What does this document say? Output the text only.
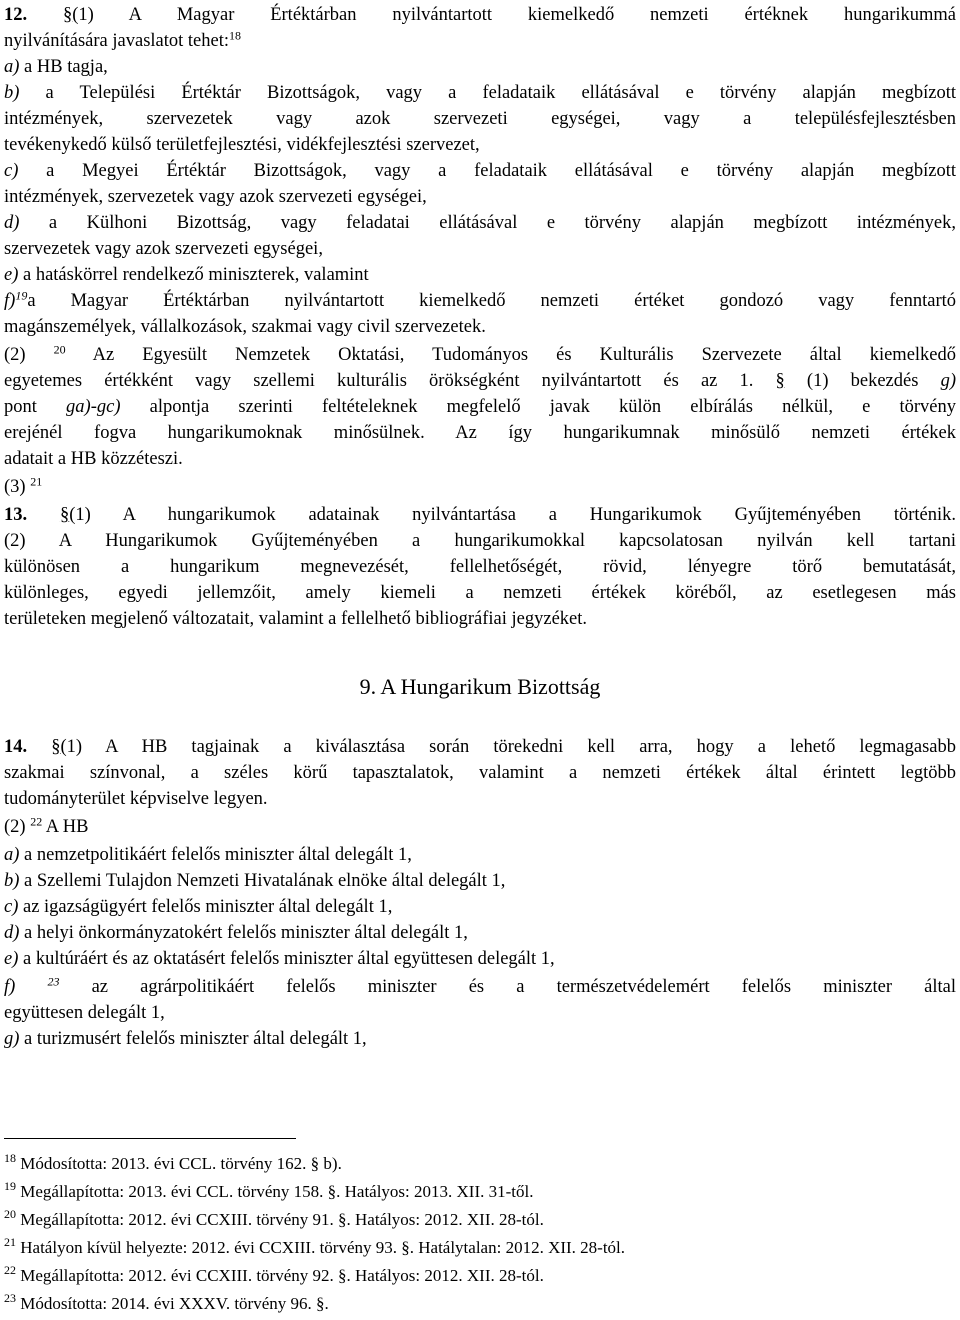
12. §(1) A Magyar Értéktárban nyilvántartott kiemelkedő nemzeti értéknek hungarikummá
nyilvánítására javaslatot tehet:$^{18}$
a) a HB tagja,
b) a Települési Értéktár Bizottságok, vagy a feladataik ellátásával e törvény alapján megbízott
intézmények, szervezetek vagy azok szervezeti egységei, vagy a településfejlesztésben
tevékenykedő külső területfejlesztési, vidékfejlesztési szervezet,
c) a Megyei Értéktár Bizottságok, vagy a feladataik ellátásával e törvény alapján megbízott
intézmények, szervezetek vagy azok szervezeti egységei,
d) a Külhoni Bizottság, vagy feladatai ellátásával e törvény alapján megbízott intézmények,
szervezetek vagy azok szervezeti egységei,
e) a hatáskörrel rendelkező miniszterek, valamint
f)$^{19}$a Magyar Értéktárban nyilvántartott kiemelkedő nemzeti értéket gondozó vagy fenntartó
magánszemélyek, vállalkozások, szakmai vagy civil szervezetek.
(2) $^{20}$ Az Egyesült Nemzetek Oktatási, Tudományos és Kulturális Szervezete által kiemelkedő
egyetemes értékként vagy szellemi kulturális örökségként nyilvántartott és az 1. § (1) bekezdés g)
pont ga)-gc) alpontja szerinti feltételeknek megfelelő javak külön elbírálás nélkül, e törvény
erejénél fogva hungarikumoknak minősülnek. Az így hungarikumnak minősülő nemzeti értékek
adatait a HB közzéteszi.
(3) $^{21}$
13. §(1) A hungarikumok adatainak nyilvántartása a Hungarikumok Gyűjteményében történik.
(2) A Hungarikumok Gyűjteményében a hungarikumokkal kapcsolatosan nyilván kell tartani
különösen a hungarikum megnevezését, fellelhetőségét, rövid, lényegre törő bemutatását,
különleges, egyedi jellemzőit, amely kiemeli a nemzeti értékek köréből, az esetlegesen más
területeken megjelenő változatait, valamint a fellelhető bibliográfiai jegyzéket.
9. A Hungarikum Bizottság
14. §(1) A HB tagjainak a kiválasztása során törekedni kell arra, hogy a lehető legmagasabb
szakmai színvonal, a széles körű tapasztalatok, valamint a nemzeti értékek által érintett legtöbb
tudományterület képviselve legyen.
(2) $^{22}$ A HB
a) a nemzetpolitikáért felelős miniszter által delegált 1,
b) a Szellemi Tulajdon Nemzeti Hivatalának elnöke által delegált 1,
c) az igazságügyért felelős miniszter által delegált 1,
d) a helyi önkormányzatokért felelős miniszter által delegált 1,
e) a kultúráért és az oktatásért felelős miniszter által együttesen delegált 1,
f)	$^{23}$ az agrárpolitikáért felelős miniszter és a természetvédelemért felelős miniszter által
együttesen delegált 1,
g) a turizmusért felelős miniszter által delegált 1,
$^{18}$ Módosította: 2013. évi CCL. törvény 162. § b).
$^{19}$ Megállapította: 2013. évi CCL. törvény 158. §. Hatályos: 2013. XII. 31-től.
$^{20}$ Megállapította: 2012. évi CCXIII. törvény 91. §. Hatályos: 2012. XII. 28-tól.
$^{21}$ Hatályon kívül helyezte: 2012. évi CCXIII. törvény 93. §. Hatálytalan: 2012. XII. 28-tól.
$^{22}$ Megállapította: 2012. évi CCXIII. törvény 92. §. Hatályos: 2012. XII. 28-tól.
$^{23}$ Módosította: 2014. évi XXXV. törvény 96. §.
